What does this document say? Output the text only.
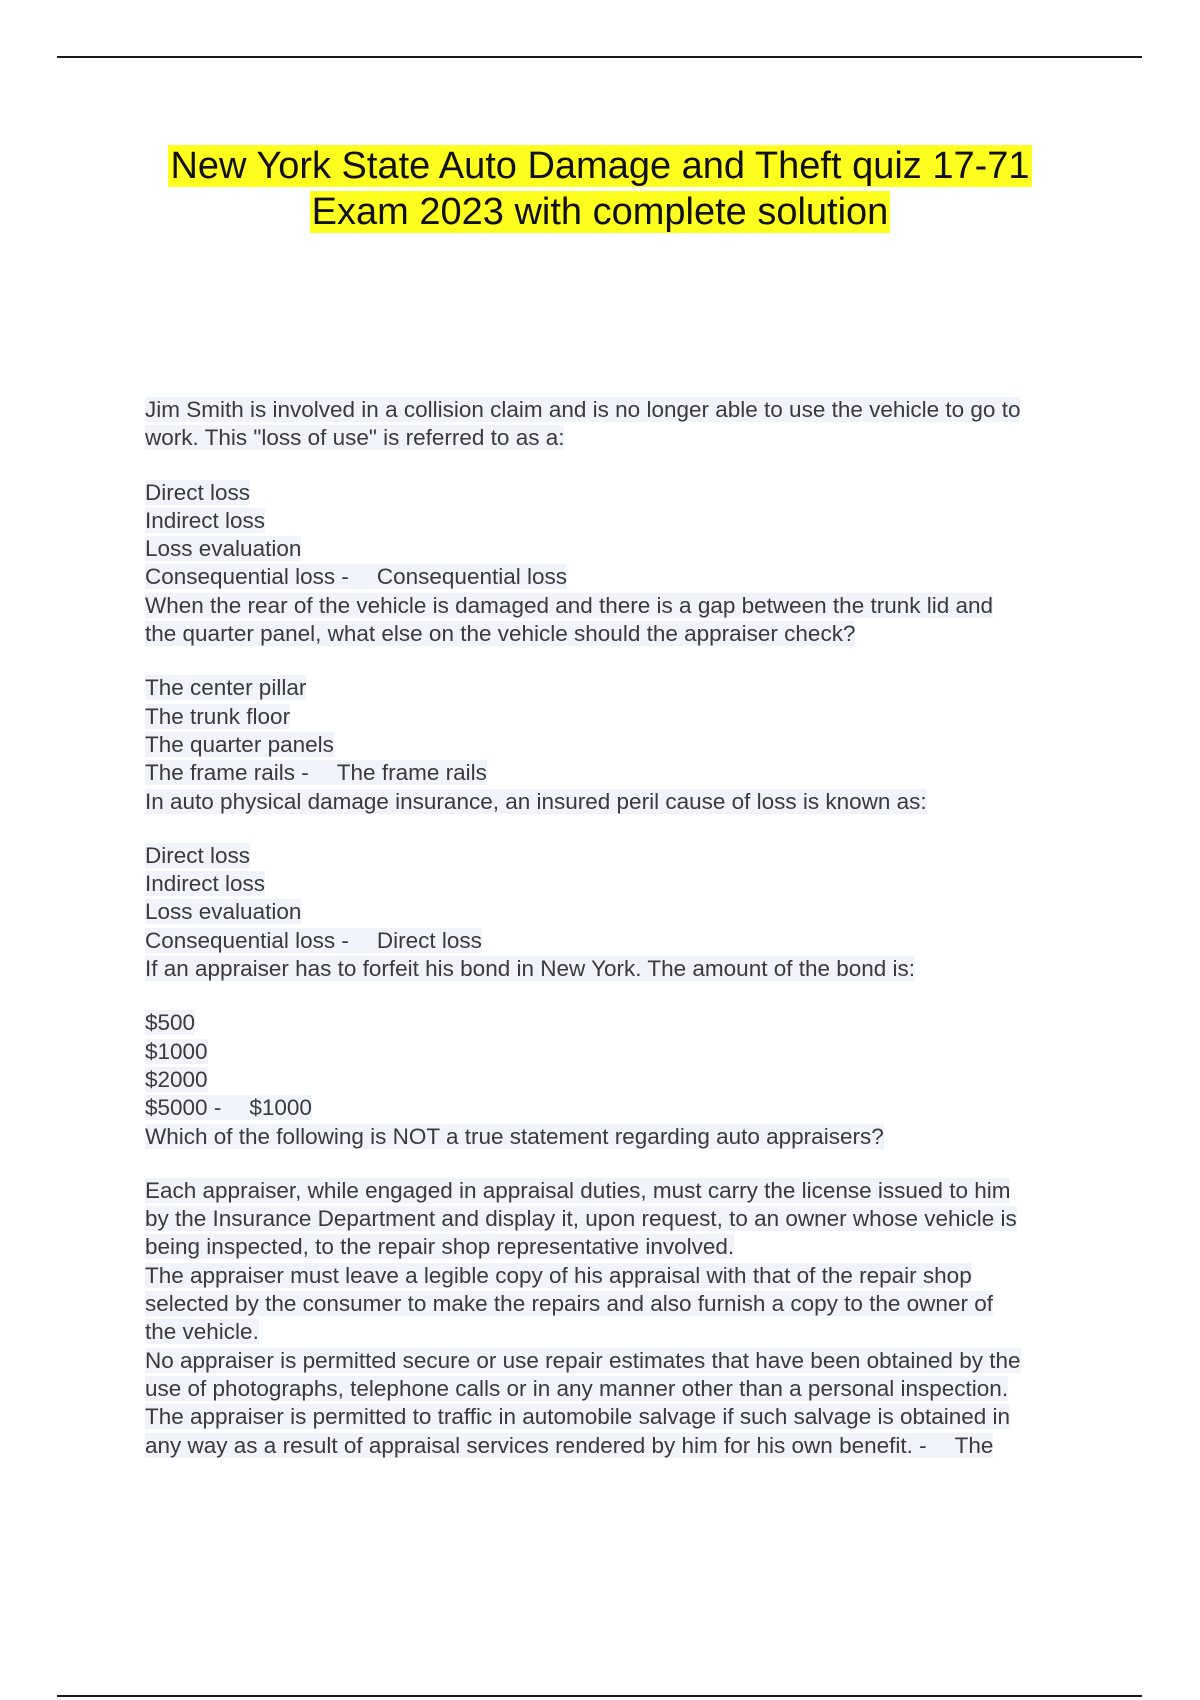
New York State Auto Damage and Theft quiz 17-71
Exam 2023 with complete solution
Jim Smith is involved in a collision claim and is no longer able to use the vehicle to go to
work. This "loss of use" is referred to as a:
Direct loss
Indirect loss
Loss evaluation
Consequential loss - Consequential loss
When the rear of the vehicle is damaged and there is a gap between the trunk lid and
the quarter panel, what else on the vehicle should the appraiser check?
The center pillar
The trunk floor
The quarter panels
The frame rails - The frame rails
In auto physical damage insurance, an insured peril cause of loss is known as:
Direct loss
Indirect loss
Loss evaluation
Consequential loss - Direct loss
If an appraiser has to forfeit his bond in New York. The amount of the bond is:
$500
$1000
$2000
$5000 - $1000
Which of the following is NOT a true statement regarding auto appraisers?
Each appraiser, while engaged in appraisal duties, must carry the license issued to him
by the Insurance Department and display it, upon request, to an owner whose vehicle is
being inspected, to the repair shop representative involved.
The appraiser must leave a legible copy of his appraisal with that of the repair shop
selected by the consumer to make the repairs and also furnish a copy to the owner of
the vehicle.
No appraiser is permitted secure or use repair estimates that have been obtained by the
use of photographs, telephone calls or in any manner other than a personal inspection.
The appraiser is permitted to traffic in automobile salvage if such salvage is obtained in
any way as a result of appraisal services rendered by him for his own benefit. - The
